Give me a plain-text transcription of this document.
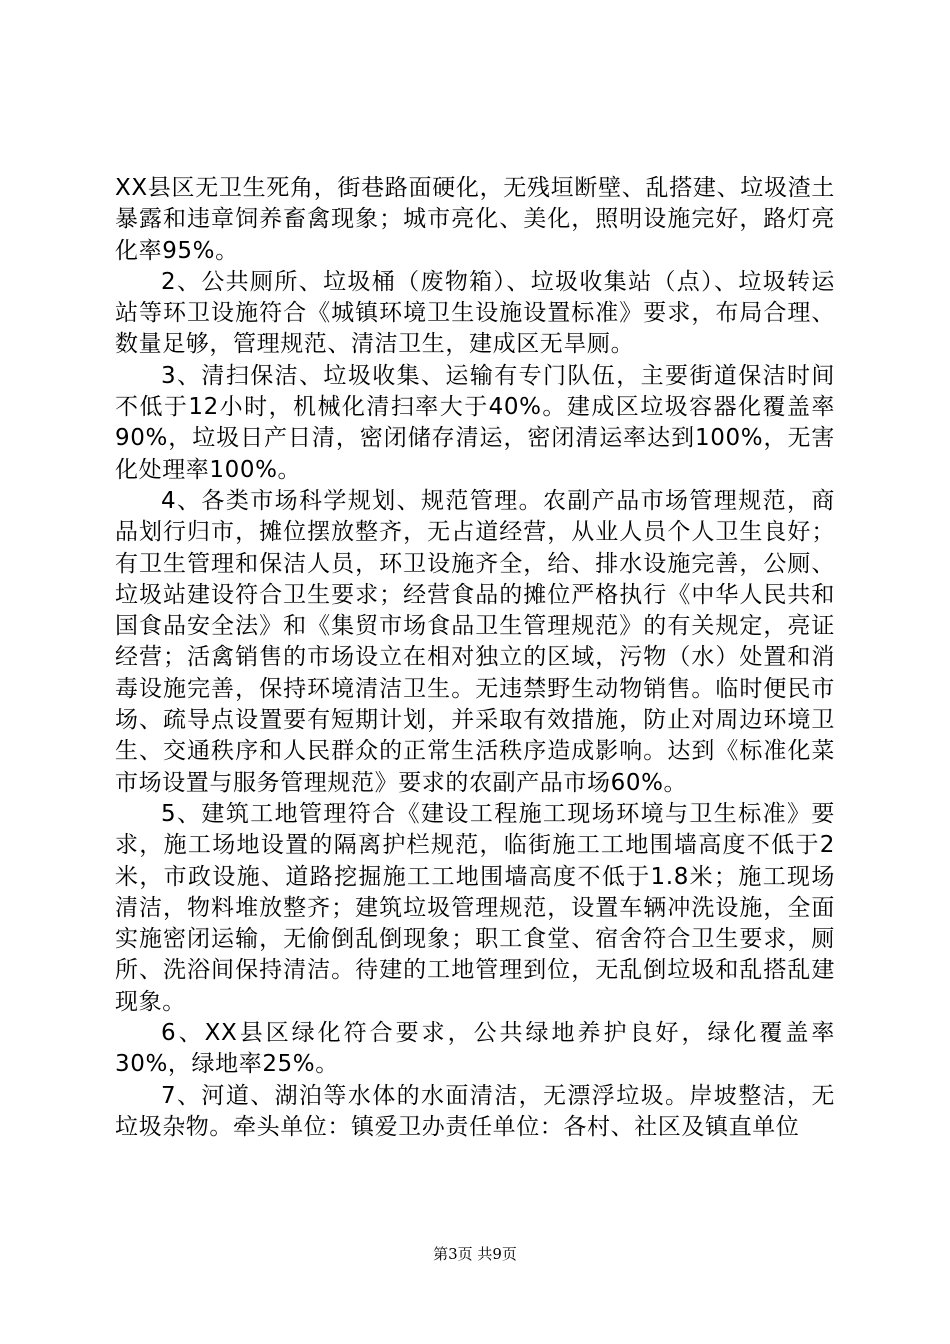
XX县区无卫生死角，街巷路面硬化，无残垣断壁、乱搭建、垃圾渣土暴露和违章饲养畜禽现象；城市亮化、美化，照明设施完好，路灯亮化率95%。

2、公共厕所、垃圾桶（废物箱）、垃圾收集站（点）、垃圾转运站等环卫设施符合《城镇环境卫生设施设置标准》要求，布局合理、数量足够，管理规范、清洁卫生，建成区无旱厕。

3、清扫保洁、垃圾收集、运输有专门队伍，主要街道保洁时间不低于12小时，机械化清扫率大于40%。建成区垃圾容器化覆盖率90%，垃圾日产日清，密闭储存清运，密闭清运率达到100%，无害化处理率100%。

4、各类市场科学规划、规范管理。农副产品市场管理规范，商品划行归市，摊位摆放整齐，无占道经营，从业人员个人卫生良好；有卫生管理和保洁人员，环卫设施齐全，给、排水设施完善，公厕、垃圾站建设符合卫生要求；经营食品的摊位严格执行《中华人民共和国食品安全法》和《集贸市场食品卫生管理规范》的有关规定，亮证经营；活禽销售的市场设立在相对独立的区域，污物（水）处置和消毒设施完善，保持环境清洁卫生。无违禁野生动物销售。临时便民市场、疏导点设置要有短期计划，并采取有效措施，防止对周边环境卫生、交通秩序和人民群众的正常生活秩序造成影响。达到《标准化菜市场设置与服务管理规范》要求的农副产品市场60%。

5、建筑工地管理符合《建设工程施工现场环境与卫生标准》要求，施工场地设置的隔离护栏规范，临街施工工地围墙高度不低于2米，市政设施、道路挖掘施工工地围墙高度不低于1.8米；施工现场清洁，物料堆放整齐；建筑垃圾管理规范，设置车辆冲洗设施，全面实施密闭运输，无偷倒乱倒现象；职工食堂、宿舍符合卫生要求，厕所、洗浴间保持清洁。待建的工地管理到位，无乱倒垃圾和乱搭乱建现象。

6、XX县区绿化符合要求，公共绿地养护良好，绿化覆盖率30%，绿地率25%。

7、河道、湖泊等水体的水面清洁，无漂浮垃圾。岸坡整洁，无垃圾杂物。牵头单位：镇爱卫办责任单位：各村、社区及镇直单位

第3页 共9页
